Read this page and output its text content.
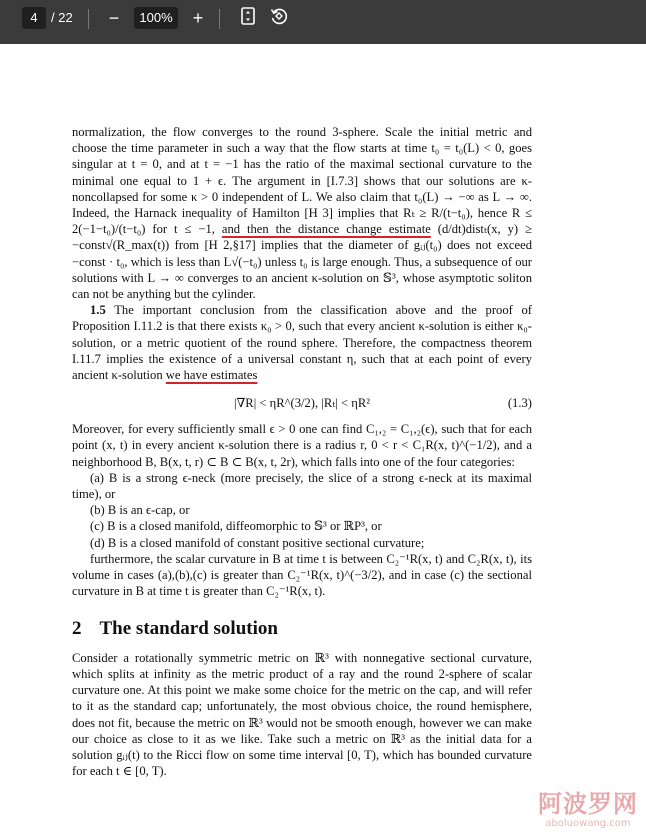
4	/ 22 −	100% +

normalization, the flow converges to the round 3-sphere. Scale the initial metric and choose the time parameter in such a way that the flow starts at time t₀ = t₀(L) < 0, goes singular at t = 0, and at t = −1 has the ratio of the maximal sectional curvature to the minimal one equal to 1 + ϵ. The argument in [I.7.3] shows that our solutions are κ-noncollapsed for some κ > 0 independent of L. We also claim that t₀(L) → −∞ as L → ∞. Indeed, the Harnack inequality of Hamilton [H 3] implies that Rₜ ≥ R/(t−t₀), hence R ≤ 2(−1−t₀)/(t−t₀) for t ≤ −1, and then the distance change estimate (d/dt)distₜ(x, y) ≥ −const√(R_max(t)) from [H 2,§17] implies that the diameter of gᵢⱼ(t₀) does not exceed −const · t₀, which is less than L√(−t₀) unless t₀ is large enough. Thus, a subsequence of our solutions with L → ∞ converges to an ancient κ-solution on 𝕊³, whose asymptotic soliton can not be anything but the cylinder.

1.5 The important conclusion from the classification above and the proof of Proposition I.11.2 is that there exists κ₀ > 0, such that every ancient κ-solution is either κ₀-solution, or a metric quotient of the round sphere. Therefore, the compactness theorem I.11.7 implies the existence of a universal constant η, such that at each point of every ancient κ-solution we have estimates

|∇R| < ηR^(3/2), |Rₜ| < ηR²	(1.3)

Moreover, for every sufficiently small ϵ > 0 one can find C₁,₂ = C₁,₂(ϵ), such that for each point (x, t) in every ancient κ-solution there is a radius r, 0 < r < C₁R(x, t)^(−1/2), and a neighborhood B, B(x, t, r) ⊂ B ⊂ B(x, t, 2r), which falls into one of the four categories:

(a) B is a strong ϵ-neck (more precisely, the slice of a strong ϵ-neck at its maximal time), or

(b) B is an ϵ-cap, or

(c) B is a closed manifold, diffeomorphic to 𝕊³ or ℝP³, or

(d) B is a closed manifold of constant positive sectional curvature;

furthermore, the scalar curvature in B at time t is between C₂⁻¹R(x, t) and C₂R(x, t), its volume in cases (a),(b),(c) is greater than C₂⁻¹R(x, t)^(−3/2), and in case (c) the sectional curvature in B at time t is greater than C₂⁻¹R(x, t).

2 The standard solution

Consider a rotationally symmetric metric on ℝ³ with nonnegative sectional curvature, which splits at infinity as the metric product of a ray and the round 2-sphere of scalar curvature one. At this point we make some choice for the metric on the cap, and will refer to it as the standard cap; unfortunately, the most obvious choice, the round hemisphere, does not fit, because the metric on ℝ³ would not be smooth enough, however we can make our choice as close to it as we like. Take such a metric on ℝ³ as the initial data for a solution gᵢⱼ(t) to the Ricci flow on some time interval [0, T), which has bounded curvature for each t ∈ [0, T).

阿波罗网
aboluowang.com
